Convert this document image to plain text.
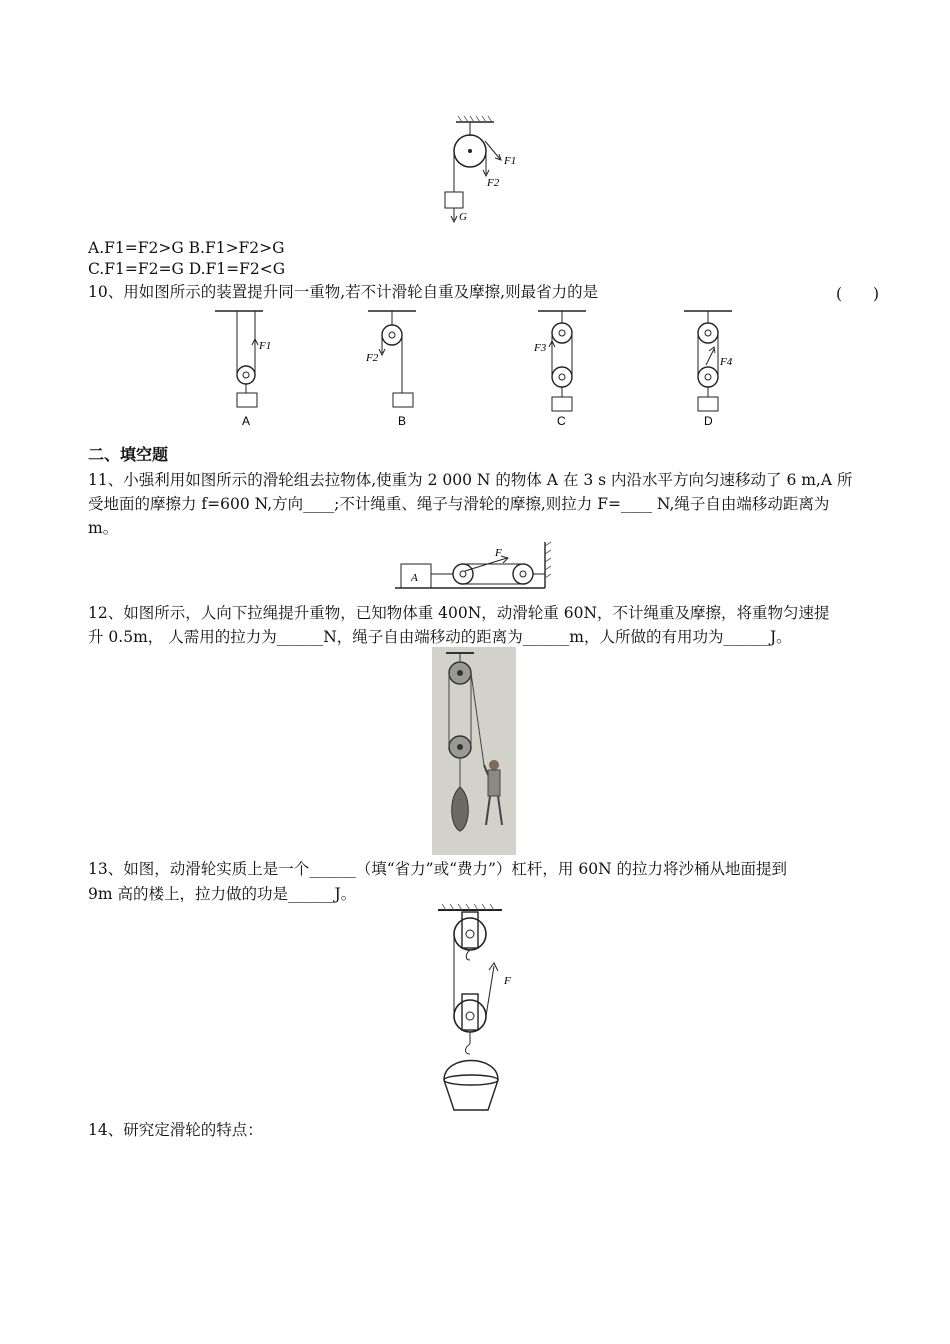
F1
F2
G
A.F1=F2>G B.F1>F2>G
C.F1=F2=G D.F1=F2<G
10、用如图所示的装置提升同一重物,若不计滑轮自重及摩擦,则最省力的是	(　　)
F1
A
F2
B
F3
C
F4
D
二、填空题
11、小强利用如图所示的滑轮组去拉物体,使重为 2 000 N 的物体 A 在 3 s 内沿水平方向匀速移动了 6 m,A 所
受地面的摩擦力 f=600 N,方向____;不计绳重、绳子与滑轮的摩擦,则拉力 F=____ N,绳子自由端移动距离为
m。
A
F
12、如图所示，人向下拉绳提升重物，已知物体重 400N，动滑轮重 60N，不计绳重及摩擦，将重物匀速提
升 0.5m， 人需用的拉力为______N，绳子自由端移动的距离为______m，人所做的有用功为______J。
13、如图，动滑轮实质上是一个______（填“省力”或“费力”）杠杆，用 60N 的拉力将沙桶从地面提到
9m 高的楼上，拉力做的功是______J。
F
14、研究定滑轮的特点：
